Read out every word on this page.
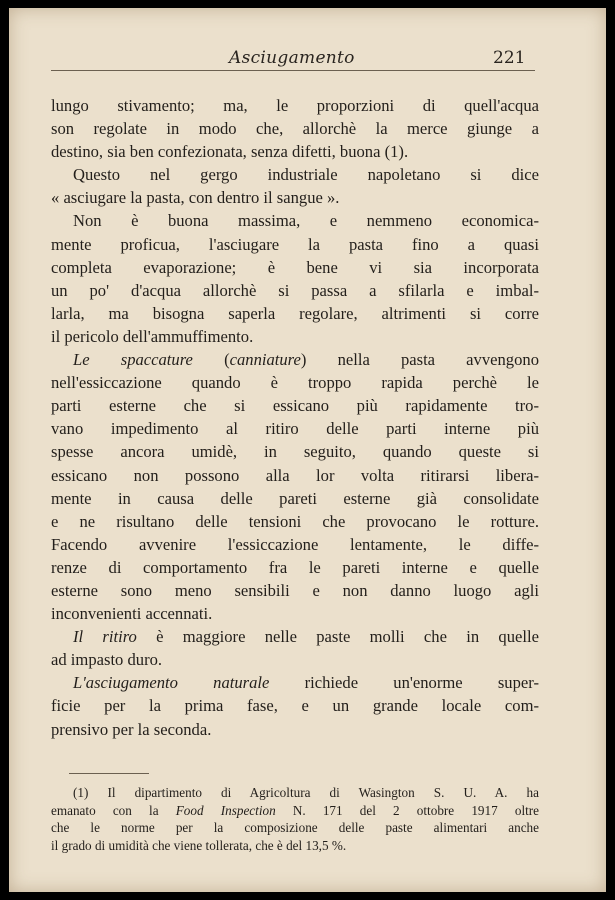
Asciugamento	221
lungo stivamento; ma, le proporzioni di quell'acqua
son regolate in modo che, allorchè la merce giunge a
destino, sia ben confezionata, senza difetti, buona (1).
Questo nel gergo industriale napoletano si dice
« asciugare la pasta, con dentro il sangue ».
Non è buona massima, e nemmeno economica-
mente proficua, l'asciugare la pasta fino a quasi
completa evaporazione; è bene vi sia incorporata
un po' d'acqua allorchè si passa a sfilarla e imbal-
larla, ma bisogna saperla regolare, altrimenti si corre
il pericolo dell'ammuffimento.
Le spaccature (canniature) nella pasta avvengono
nell'essiccazione quando è troppo rapida perchè le
parti esterne che si essicano più rapidamente tro-
vano impedimento al ritiro delle parti interne più
spesse ancora umidè, in seguito, quando queste si
essicano non possono alla lor volta ritirarsi libera-
mente in causa delle pareti esterne già consolidate
e ne risultano delle tensioni che provocano le rotture.
Facendo avvenire l'essiccazione lentamente, le diffe-
renze di comportamento fra le pareti interne e quelle
esterne sono meno sensibili e non danno luogo agli
inconvenienti accennati.
Il ritiro è maggiore nelle paste molli che in quelle
ad impasto duro.
L'asciugamento naturale richiede un'enorme super-
ficie per la prima fase, e un grande locale com-
prensivo per la seconda.
(1) Il dipartimento di Agricoltura di Wasington S. U. A. ha
emanato con la Food Inspection N. 171 del 2 ottobre 1917 oltre
che le norme per la composizione delle paste alimentari anche
il grado di umidità che viene tollerata, che è del 13,5 %.
